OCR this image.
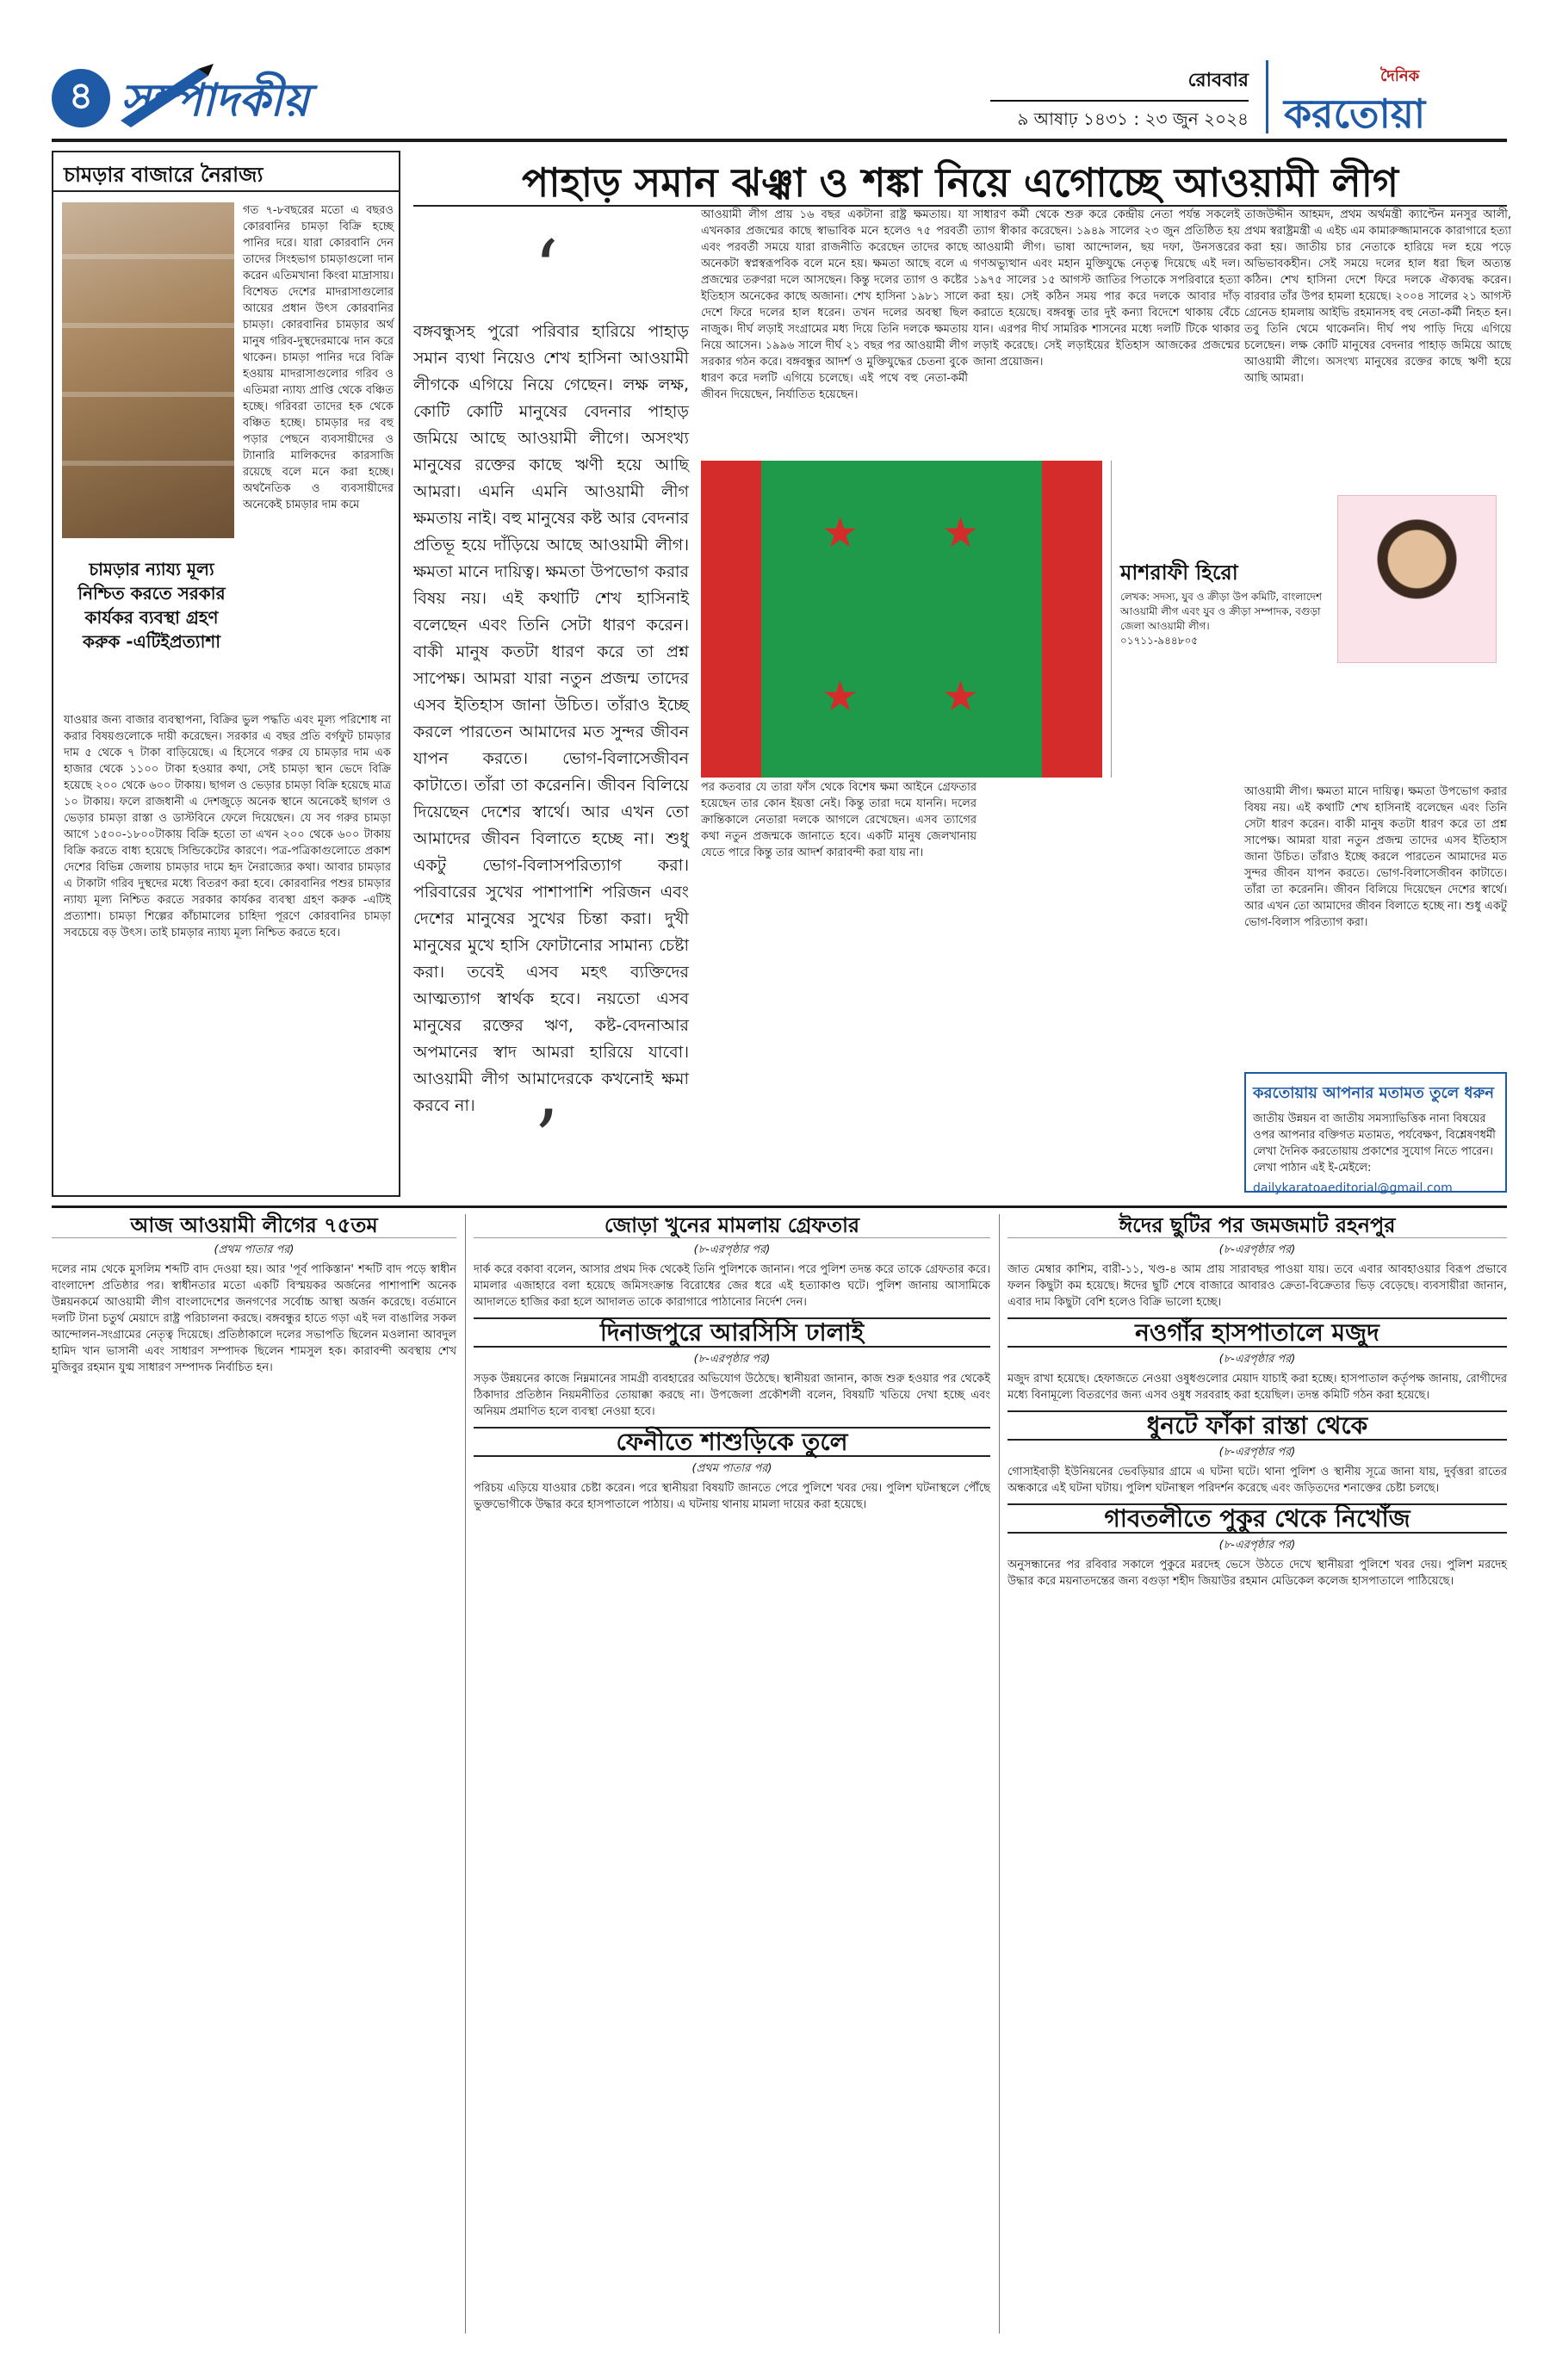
৪ সম্পাদকীয়	রোববার
৯ আষাঢ় ১৪৩১ : ২৩ জুন ২০২৪
দৈনিক
করতোয়া
চামড়ার বাজারে নৈরাজ্য
গত ৭-৮বছরের মতো এ বছরও কোরবানির চামড়া বিক্রি হচ্ছে পানির দরে। যারা কোরবানি দেন তাদের সিংহভাগ চামড়াগুলো দান করেন এতিমখানা কিংবা মাদ্রাসায়। বিশেষত দেশের মাদরাসাগুলোর আয়ের প্রধান উৎস কোরবানির চামড়া। কোরবানির চামড়ার অর্থ মানুষ গরিব-দুস্থদেরমাঝে দান করে থাকেন। চামড়া পানির দরে বিক্রি হওয়ায় মাদরাসাগুলোর গরিব ও এতিমরা ন্যায্য প্রাপ্তি থেকে বঞ্চিত হচ্ছে। গরিবরা তাদের হক থেকে বঞ্চিত হচ্ছে। চামড়ার দর বহু পড়ার পেছনে ব্যবসায়ীদের ও ট্যানারি মালিকদের কারসাজি রয়েছে বলে মনে করা হচ্ছে। অথনৈতিক ও ব্যবসায়ীদের অনেকেই চামড়ার দাম কমে
চামড়ার ন্যায্য মূল্য নিশ্চিত করতে সরকার কার্যকর ব্যবস্থা গ্রহণ করুক -এটিইপ্রত্যাশা
যাওয়ার জন্য বাজার ব্যবস্থাপনা, বিক্রির ভুল পদ্ধতি এবং মূল্য পরিশোধ না করার বিষয়গুলোকে দায়ী করেছেন। সরকার এ বছর প্রতি বর্গফুট চামড়ার দাম ৫ থেকে ৭ টাকা বাড়িয়েছে। এ হিসেবে গরুর যে চামড়ার দাম এক হাজার থেকে ১১০০ টাকা হওয়ার কথা, সেই চামড়া স্থান ভেদে বিক্রি হয়েছে ২০০ থেকে ৬০০ টাকায়। ছাগল ও ভেড়ার চামড়া বিক্রি হয়েছে মাত্র ১০ টাকায়। ফলে রাজধানী এ দেশজুড়ে অনেক স্থানে অনেকেই ছাগল ও ভেড়ার চামড়া রাস্তা ও ডাস্টবিনে ফেলে দিয়েছেন। যে সব গরুর চামড়া আগে ১৫০০-১৮০০টাকায় বিক্রি হতো তা এখন ২০০ থেকে ৬০০ টাকায় বিক্রি করতে বাধ্য হয়েছে সিন্ডিকেটের কারণে। পত্র-পত্রিকাগুলোতে প্রকাশ দেশের বিভিন্ন জেলায় চামড়ার দামে হৃদ নৈরাজ্যের কথা। আবার চামড়ার এ টাকাটা গরিব দুস্থদের মধ্যে বিতরণ করা হবে। কোরবানির পশুর চামড়ার ন্যায্য মূল্য নিশ্চিত করতে সরকার কার্যকর ব্যবস্থা গ্রহণ করুক -এটিই প্রত্যাশা। চামড়া শিল্পের কাঁচামালের চাহিদা পূরণে কোরবানির চামড়া সবচেয়ে বড় উৎস। তাই চামড়ার ন্যায্য মূল্য নিশ্চিত করতে হবে।
পাহাড় সমান ঝঞ্ঝা ও শঙ্কা নিয়ে এগোচ্ছে আওয়ামী লীগ
‘
বঙ্গবন্ধুসহ পুরো পরিবার হারিয়ে পাহাড় সমান ব্যথা নিয়েও শেখ হাসিনা আওয়ামী লীগকে এগিয়ে নিয়ে গেছেন। লক্ষ লক্ষ, কোটি কোটি মানুষের বেদনার পাহাড় জমিয়ে আছে আওয়ামী লীগে। অসংখ্য মানুষের রক্তের কাছে ঋণী হয়ে আছি আমরা। এমনি এমনি আওয়ামী লীগ ক্ষমতায় নাই। বহু মানুষের কষ্ট আর বেদনার প্রতিভূ হয়ে দাঁড়িয়ে আছে আওয়ামী লীগ। ক্ষমতা মানে দায়িত্ব। ক্ষমতা উপভোগ করার বিষয় নয়। এই কথাটি শেখ হাসিনাই বলেছেন এবং তিনি সেটা ধারণ করেন। বাকী মানুষ কতটা ধারণ করে তা প্রশ্ন সাপেক্ষ। আমরা যারা নতুন প্রজন্ম তাদের এসব ইতিহাস জানা উচিত। তাঁরাও ইচ্ছে করলে পারতেন আমাদের মত সুন্দর জীবন যাপন করতে। ভোগ-বিলাসেজীবন কাটাতে। তাঁরা তা করেননি। জীবন বিলিয়ে দিয়েছেন দেশের স্বার্থে। আর এখন তো আমাদের জীবন বিলাতে হচ্ছে না। শুধু একটু ভোগ-বিলাসপরিত্যাগ করা। পরিবারের সুখের পাশাপাশি পরিজন এবং দেশের মানুষের সুখের চিন্তা করা। দুখী মানুষের মুখে হাসি ফোটানোর সামান্য চেষ্টা করা। তবেই এসব মহৎ ব্যক্তিদের আত্মত্যাগ স্বার্থক হবে। নয়তো এসব মানুষের রক্তের ঋণ, কষ্ট-বেদনাআর অপমানের স্বাদ আমরা হারিয়ে যাবো। আওয়ামী লীগ আমাদেরকে কখনোই ক্ষমা করবে না। ’
আওয়ামী লীগ প্রায় ১৬ বছর একটানা রাষ্ট্র ক্ষমতায়। যা এখনকার প্রজন্মের কাছে স্বাভাবিক মনে হলেও ৭৫ পরবর্তী এবং পরবর্তী সময়ে যারা রাজনীতি করেছেন তাদের কাছে অনেকটা স্বপ্নস্বরূপবিক বলে মনে হয়। ক্ষমতা আছে বলে এ প্রজন্মের তরুণরা দলে আসছেন। কিন্তু দলের ত্যাগ ও কষ্টের ইতিহাস অনেকের কাছে অজানা। শেখ হাসিনা ১৯৮১ সালে দেশে ফিরে দলের হাল ধরেন। তখন দলের অবস্থা ছিল নাজুক। দীর্ঘ লড়াই সংগ্রামের মধ্য দিয়ে তিনি দলকে ক্ষমতায় নিয়ে আসেন। ১৯৯৬ সালে দীর্ঘ ২১ বছর পর আওয়ামী লীগ সরকার গঠন করে। বঙ্গবন্ধুর আদর্শ ও মুক্তিযুদ্ধের চেতনা বুকে ধারণ করে দলটি এগিয়ে চলেছে। এই পথে বহু নেতা-কর্মী জীবন দিয়েছেন, নির্যাতিত হয়েছেন।
সাধারণ কর্মী থেকে শুরু করে কেন্দ্রীয় নেতা পর্যন্ত সকলেই ত্যাগ স্বীকার করেছেন। ১৯৪৯ সালের ২৩ জুন প্রতিষ্ঠিত হয় আওয়ামী লীগ। ভাষা আন্দোলন, ছয় দফা, উনসত্তরের গণঅভ্যুত্থান এবং মহান মুক্তিযুদ্ধে নেতৃত্ব দিয়েছে এই দল। ১৯৭৫ সালের ১৫ আগস্ট জাতির পিতাকে সপরিবারে হত্যা করা হয়। সেই কঠিন সময় পার করে দলকে আবার দাঁড় করাতে হয়েছে। বঙ্গবন্ধু তার দুই কন্যা বিদেশে থাকায় বেঁচে যান। এরপর দীর্ঘ সামরিক শাসনের মধ্যে দলটি টিকে থাকার লড়াই করেছে। সেই লড়াইয়ের ইতিহাস আজকের প্রজন্মের জানা প্রয়োজন।
তাজউদ্দীন আহমদ, প্রথম অর্থমন্ত্রী ক্যাপ্টেন মনসুর আলী, প্রথম স্বরাষ্ট্রমন্ত্রী এ এইচ এম কামারুজ্জামানকে কারাগারে হত্যা করা হয়। জাতীয় চার নেতাকে হারিয়ে দল হয়ে পড়ে অভিভাবকহীন। সেই সময়ে দলের হাল ধরা ছিল অত্যন্ত কঠিন। শেখ হাসিনা দেশে ফিরে দলকে ঐক্যবদ্ধ করেন। বারবার তাঁর উপর হামলা হয়েছে। ২০০৪ সালের ২১ আগস্ট গ্রেনেড হামলায় আইভি রহমানসহ বহু নেতা-কর্মী নিহত হন। তবু তিনি থেমে থাকেননি। দীর্ঘ পথ পাড়ি দিয়ে এগিয়ে চলেছেন। লক্ষ কোটি মানুষের বেদনার পাহাড় জমিয়ে আছে আওয়ামী লীগে। অসংখ্য মানুষের রক্তের কাছে ঋণী হয়ে আছি আমরা।
★ ★
★ ★
পর কতবার যে তারা ফাঁস থেকে বিশেষ ক্ষমা আইনে গ্রেফতার হয়েছেন তার কোন ইয়ত্তা নেই। কিন্তু তারা দমে যাননি। দলের ক্রান্তিকালে নেতারা দলকে আগলে রেখেছেন। এসব ত্যাগের কথা নতুন প্রজন্মকে জানাতে হবে। একটি মানুষ জেলখানায় যেতে পারে কিন্তু তার আদর্শ কারাবন্দী করা যায় না।
মাশরাফী হিরো
লেখক: সদস্য, যুব ও ক্রীড়া উপ কমিটি, বাংলাদেশ আওয়ামী লীগ এবং যুব ও ক্রীড়া সম্পাদক, বগুড়া জেলা আওয়ামী লীগ।
০১৭১১-৯৪৪৮০৫
আওয়ামী লীগ। ক্ষমতা মানে দায়িত্ব। ক্ষমতা উপভোগ করার বিষয় নয়। এই কথাটি শেখ হাসিনাই বলেছেন এবং তিনি সেটা ধারণ করেন। বাকী মানুষ কতটা ধারণ করে তা প্রশ্ন সাপেক্ষ। আমরা যারা নতুন প্রজন্ম তাদের এসব ইতিহাস জানা উচিত। তাঁরাও ইচ্ছে করলে পারতেন আমাদের মত সুন্দর জীবন যাপন করতে। ভোগ-বিলাসেজীবন কাটাতে। তাঁরা তা করেননি। জীবন বিলিয়ে দিয়েছেন দেশের স্বার্থে। আর এখন তো আমাদের জীবন বিলাতে হচ্ছে না। শুধু একটু ভোগ-বিলাস পরিত্যাগ করা।
করতোয়ায় আপনার মতামত তুলে ধরুন
জাতীয় উন্নয়ন বা জাতীয় সমস্যাভিত্তিক নানা বিষয়ের ওপর আপনার বক্তিগত মতামত, পর্যবেক্ষণ, বিশ্লেষণধর্মী লেখা দৈনিক করতোয়ায় প্রকাশের সুযোগ নিতে পারেন। লেখা পাঠান এই ই-মেইলে:
dailykaratoaeditorial@gmail.com
আজ আওয়ামী লীগের ৭৫তম
(প্রথম পাতার পর)
দলের নাম থেকে মুসলিম শব্দটি বাদ দেওয়া হয়। আর 'পূর্ব পাকিস্তান' শব্দটি বাদ পড়ে স্বাধীন বাংলাদেশ প্রতিষ্ঠার পর। স্বাধীনতার মতো একটি বিস্ময়কর অর্জনের পাশাপাশি অনেক উন্নয়নকর্মে আওয়ামী লীগ বাংলাদেশের জনগণের সর্বোচ্চ আস্থা অর্জন করেছে। বর্তমানে দলটি টানা চতুর্থ মেয়াদে রাষ্ট্র পরিচালনা করছে। বঙ্গবন্ধুর হাতে গড়া এই দল বাঙালির সকল আন্দোলন-সংগ্রামের নেতৃত্ব দিয়েছে। প্রতিষ্ঠাকালে দলের সভাপতি ছিলেন মওলানা আবদুল হামিদ খান ভাসানী এবং সাধারণ সম্পাদক ছিলেন শামসুল হক। কারাবন্দী অবস্থায় শেখ মুজিবুর রহমান যুগ্ম সাধারণ সম্পাদক নির্বাচিত হন।
জোড়া খুনের মামলায় গ্রেফতার
(৮-এরপৃষ্ঠার পর)
দার্ক করে বকাবা বলেন, আসার প্রথম দিক থেকেই তিনি পুলিশকে জানান। পরে পুলিশ তদন্ত করে তাকে গ্রেফতার করে। মামলার এজাহারে বলা হয়েছে জমিসংক্রান্ত বিরোধের জের ধরে এই হত্যাকাণ্ড ঘটে। পুলিশ জানায় আসামিকে আদালতে হাজির করা হলে আদালত তাকে কারাগারে পাঠানোর নির্দেশ দেন।
দিনাজপুরে আরসিসি ঢালাই
(৮-এরপৃষ্ঠার পর)
সড়ক উন্নয়নের কাজে নিম্নমানের সামগ্রী ব্যবহারের অভিযোগ উঠেছে। স্থানীয়রা জানান, কাজ শুরু হওয়ার পর থেকেই ঠিকাদার প্রতিষ্ঠান নিয়মনীতির তোয়াক্কা করছে না। উপজেলা প্রকৌশলী বলেন, বিষয়টি খতিয়ে দেখা হচ্ছে এবং অনিয়ম প্রমাণিত হলে ব্যবস্থা নেওয়া হবে।
ফেনীতে শাশুড়িকে তুলে
(প্রথম পাতার পর)
পরিচয় এড়িয়ে যাওয়ার চেষ্টা করেন। পরে স্থানীয়রা বিষয়টি জানতে পেরে পুলিশে খবর দেয়। পুলিশ ঘটনাস্থলে পৌঁছে ভুক্তভোগীকে উদ্ধার করে হাসপাতালে পাঠায়। এ ঘটনায় থানায় মামলা দায়ের করা হয়েছে।
ঈদের ছুটির পর জমজমাট রহনপুর
(৮-এরপৃষ্ঠার পর)
জাত মেম্বার কাশিম, বারী-১১, খণ্ড-৪ আম প্রায় সারাবছর পাওয়া যায়। তবে এবার আবহাওয়ার বিরূপ প্রভাবে ফলন কিছুটা কম হয়েছে। ঈদের ছুটি শেষে বাজারে আবারও ক্রেতা-বিক্রেতার ভিড় বেড়েছে। ব্যবসায়ীরা জানান, এবার দাম কিছুটা বেশি হলেও বিক্রি ভালো হচ্ছে।
নওগাঁর হাসপাতালে মজুদ
(৮-এরপৃষ্ঠার পর)
মজুদ রাখা হয়েছে। হেফাজতে নেওয়া ওষুধগুলোর মেয়াদ যাচাই করা হচ্ছে। হাসপাতাল কর্তৃপক্ষ জানায়, রোগীদের মধ্যে বিনামূল্যে বিতরণের জন্য এসব ওষুধ সরবরাহ করা হয়েছিল। তদন্ত কমিটি গঠন করা হয়েছে।
ধুনটে ফাঁকা রাস্তা থেকে
(৮-এরপৃষ্ঠার পর)
গোসাইবাড়ী ইউনিয়নের ভেবড়িয়ার গ্রামে এ ঘটনা ঘটে। থানা পুলিশ ও স্থানীয় সূত্রে জানা যায়, দুর্বৃত্তরা রাতের অন্ধকারে এই ঘটনা ঘটায়। পুলিশ ঘটনাস্থল পরিদর্শন করেছে এবং জড়িতদের শনাক্তের চেষ্টা চলছে।
গাবতলীতে পুকুর থেকে নিখোঁজ
(৮-এরপৃষ্ঠার পর)
অনুসন্ধানের পর রবিবার সকালে পুকুরে মরদেহ ভেসে উঠতে দেখে স্থানীয়রা পুলিশে খবর দেয়। পুলিশ মরদেহ উদ্ধার করে ময়নাতদন্তের জন্য বগুড়া শহীদ জিয়াউর রহমান মেডিকেল কলেজ হাসপাতালে পাঠিয়েছে।
